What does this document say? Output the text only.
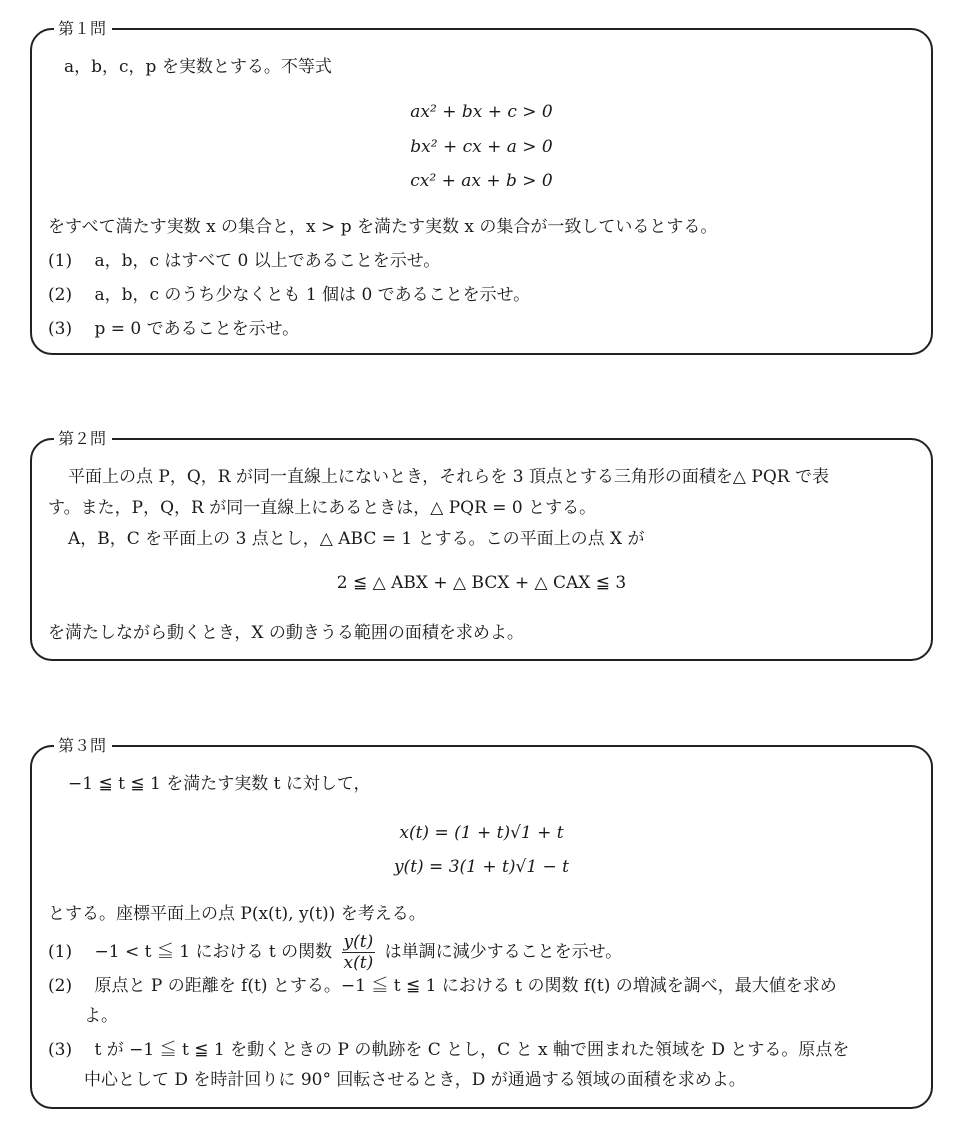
第１問
a，b，c，p を実数とする。不等式
ax² + bx + c > 0
bx² + cx + a > 0
cx² + ax + b > 0
をすべて満たす実数 x の集合と，x > p を満たす実数 x の集合が一致しているとする。
(1)　 a，b，c はすべて 0 以上であることを示せ。
(2)　 a，b，c のうち少なくとも 1 個は 0 であることを示せ。
(3)　 p = 0 であることを示せ。
第２問
平面上の点 P，Q，R が同一直線上にないとき，それらを 3 頂点とする三角形の面積を△ PQR で表
す。また，P，Q，R が同一直線上にあるときは，△ PQR = 0 とする。
A，B，C を平面上の 3 点とし，△ ABC = 1 とする。この平面上の点 X が
2 ≦ △ ABX + △ BCX + △ CAX ≦ 3
を満たしながら動くとき，X の動きうる範囲の面積を求めよ。
第３問
−1 ≦ t ≦ 1 を満たす実数 t に対して，
x(t) = (1 + t)√1 + t
y(t) = 3(1 + t)√1 − t
とする。座標平面上の点 P(x(t), y(t)) を考える。
(1)　 −1 < t ≦ 1 における t の関数 $\frac{y(t)}{x(t)}$ は単調に減少することを示せ。
(2)　 原点と P の距離を f(t) とする。−1 ≦ t ≦ 1 における t の関数 f(t) の増減を調べ，最大値を求め
よ。
(3)　 t が −1 ≦ t ≦ 1 を動くときの P の軌跡を C とし，C と x 軸で囲まれた領域を D とする。原点を
中心として D を時計回りに 90° 回転させるとき，D が通過する領域の面積を求めよ。
